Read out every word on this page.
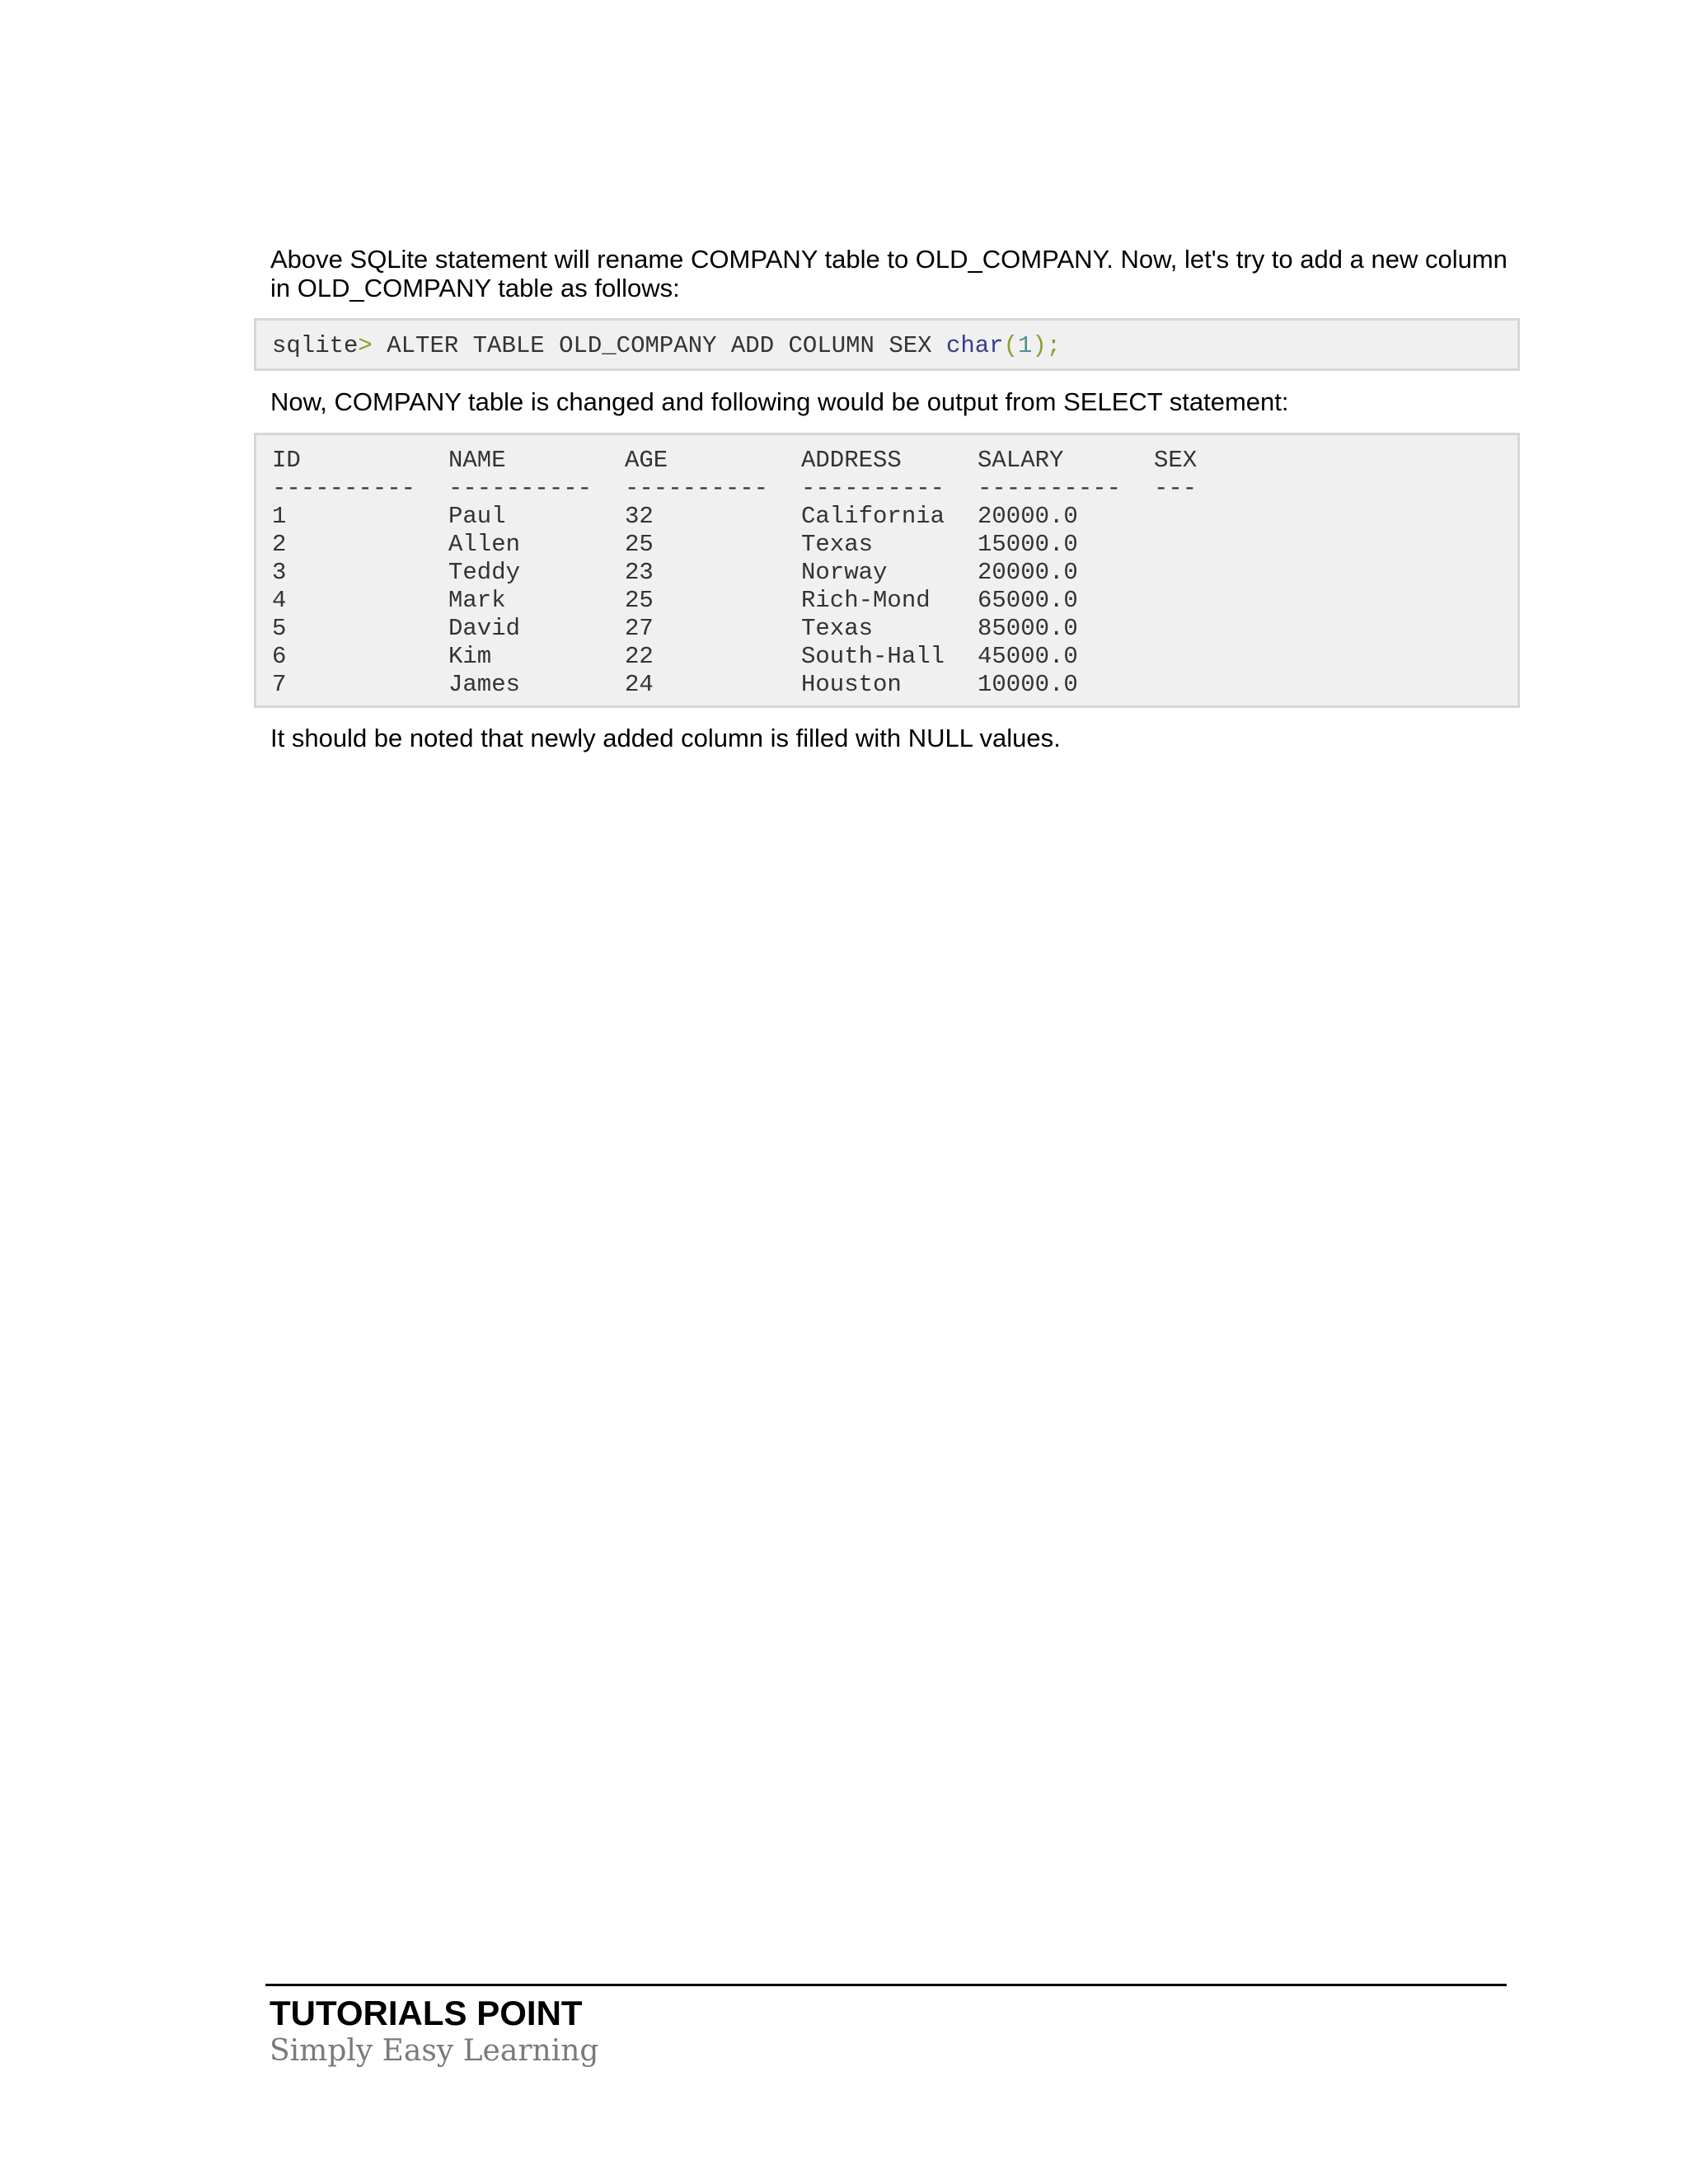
Above SQLite statement will rename COMPANY table to OLD_COMPANY. Now, let's try to add a new column in OLD_COMPANY table as follows:

sqlite > ALTER TABLE OLD_COMPANY ADD COLUMN SEX char ( 1 );

Now, COMPANY table is changed and following would be output from SELECT statement:

ID	NAME	AGE	ADDRESS	SALARY	SEX
----------	----------	----------	----------	----------	---
1	Paul	32	California	20000.0
2	Allen	25	Texas	15000.0
3	Teddy	23	Norway	20000.0
4	Mark	25	Rich-Mond	65000.0
5	David	27	Texas	85000.0
6	Kim	22	South-Hall	45000.0
7	James	24	Houston	10000.0

It should be noted that newly added column is filled with NULL values.

TUTORIALS POINT
Simply Easy Learning
